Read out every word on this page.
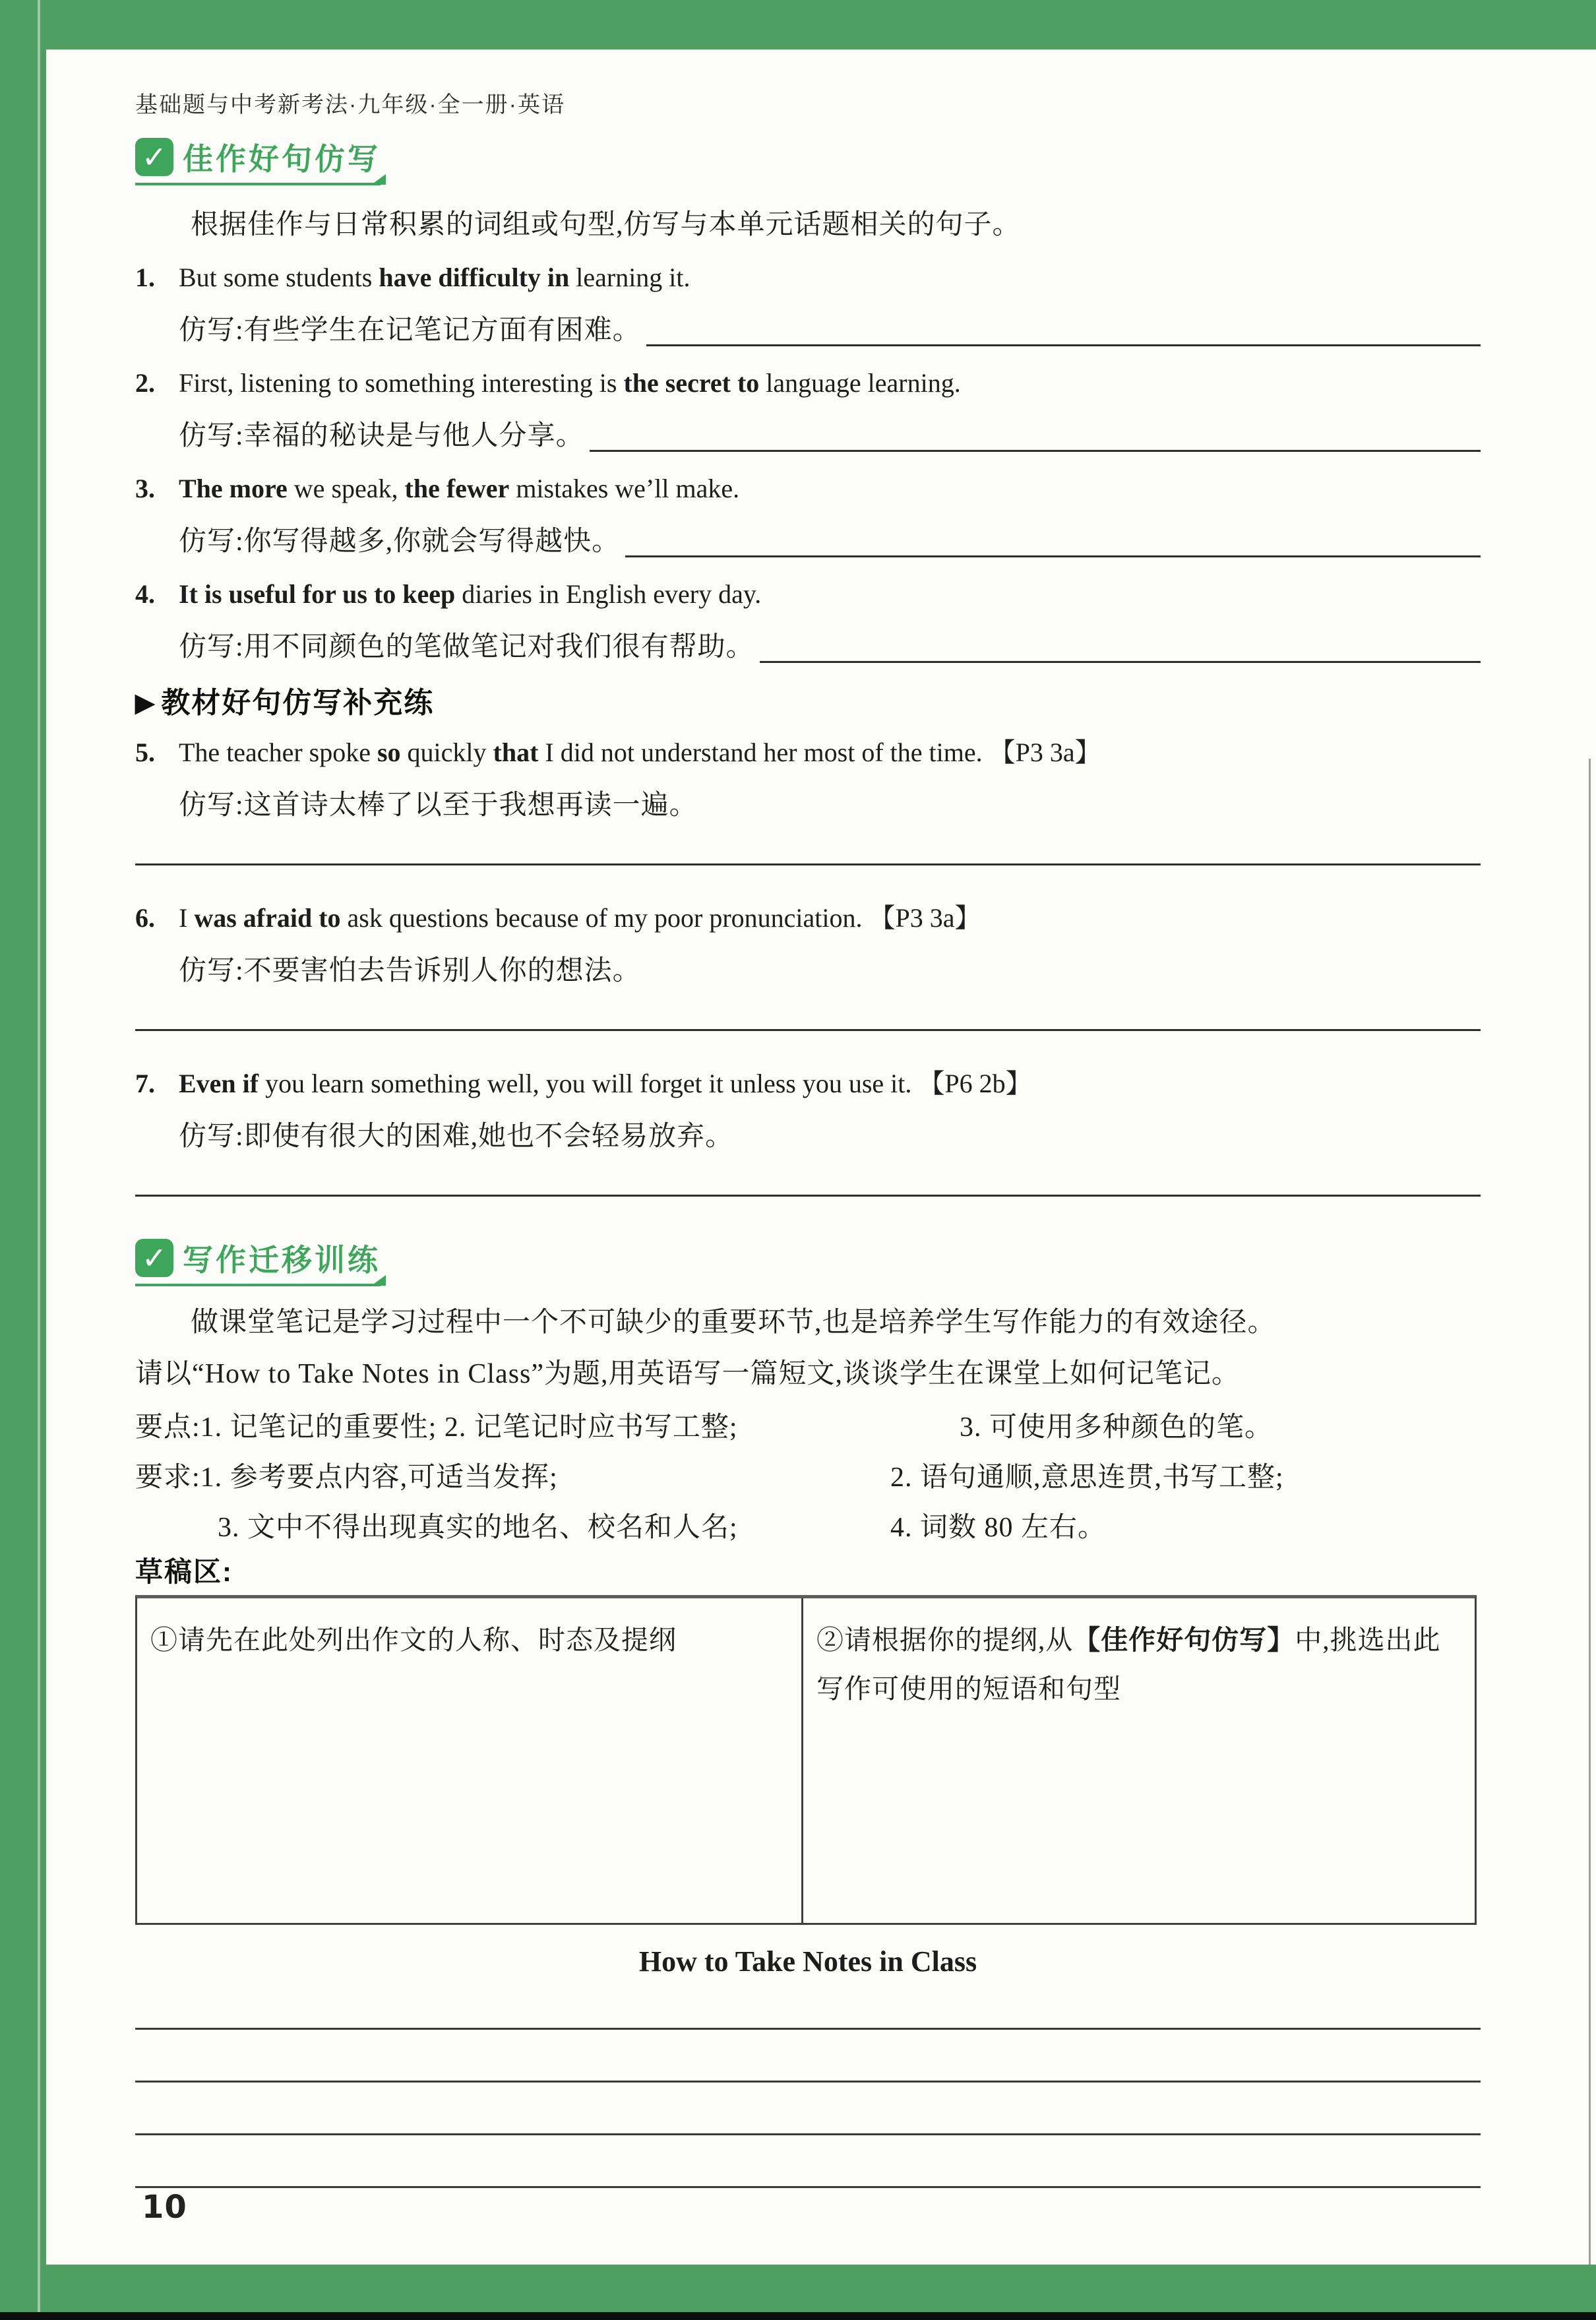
基础题与中考新考法·九年级·全一册·英语
✓ 佳作好句仿写
根据佳作与日常积累的词组或句型,仿写与本单元话题相关的句子。
1. But some students have difficulty in learning it.
仿写:有些学生在记笔记方面有困难。
2. First, listening to something interesting is the secret to language learning.
仿写:幸福的秘诀是与他人分享。
3. The more we speak, the fewer mistakes we’ll make.
仿写:你写得越多,你就会写得越快。
4. It is useful for us to keep diaries in English every day.
仿写:用不同颜色的笔做笔记对我们很有帮助。
▶ 教材好句仿写补充练
5. The teacher spoke so quickly that I did not understand her most of the time. 【P3 3a】
仿写:这首诗太棒了以至于我想再读一遍。
6. I was afraid to ask questions because of my poor pronunciation. 【P3 3a】
仿写:不要害怕去告诉别人你的想法。
7. Even if you learn something well, you will forget it unless you use it. 【P6 2b】
仿写:即使有很大的困难,她也不会轻易放弃。
✓ 写作迁移训练
做课堂笔记是学习过程中一个不可缺少的重要环节,也是培养学生写作能力的有效途径。
请以“How to Take Notes in Class”为题,用英语写一篇短文,谈谈学生在课堂上如何记笔记。
要点:1. 记笔记的重要性; 2. 记笔记时应书写工整;	3. 可使用多种颜色的笔。
要求:1. 参考要点内容,可适当发挥;	2. 语句通顺,意思连贯,书写工整;
3. 文中不得出现真实的地名、校名和人名;	4. 词数 80 左右。
草稿区:
①请先在此处列出作文的人称、时态及提纲	②请根据你的提纲,从【佳作好句仿写】中,挑选出此写作可使用的短语和句型
How to Take Notes in Class
10
